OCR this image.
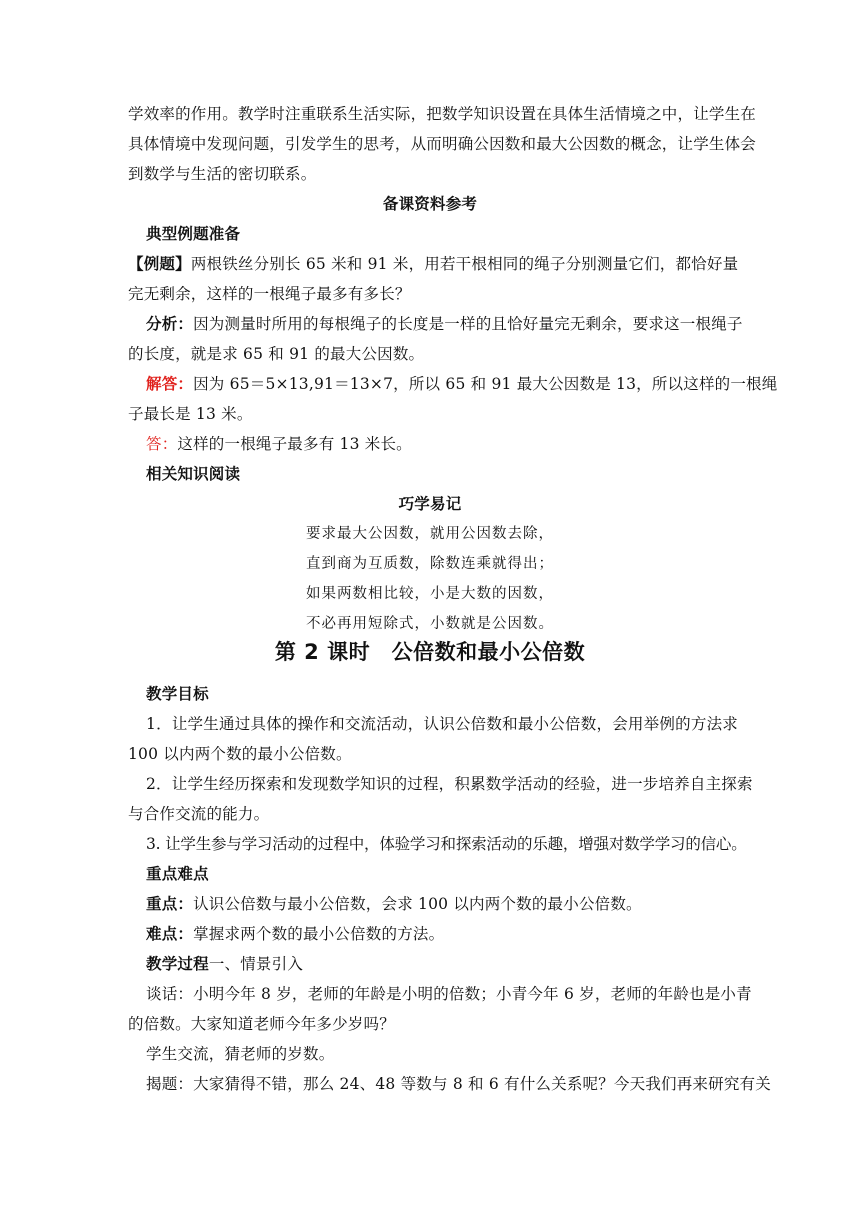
学效率的作用。教学时注重联系生活实际，把数学知识设置在具体生活情境之中，让学生在
具体情境中发现问题，引发学生的思考，从而明确公因数和最大公因数的概念，让学生体会
到数学与生活的密切联系。
备课资料参考
典型例题准备
【例题】两根铁丝分别长 65 米和 91 米，用若干根相同的绳子分别测量它们，都恰好量
完无剩余，这样的一根绳子最多有多长？
分析：因为测量时所用的每根绳子的长度是一样的且恰好量完无剩余，要求这一根绳子
的长度，就是求 65 和 91 的最大公因数。
解答：因为 65＝5×13,91＝13×7，所以 65 和 91 最大公因数是 13，所以这样的一根绳
子最长是 13 米。
答：这样的一根绳子最多有 13 米长。
相关知识阅读
巧学易记
要求最大公因数，就用公因数去除，
直到商为互质数，除数连乘就得出；
如果两数相比较，小是大数的因数，
不必再用短除式，小数就是公因数。
第 2 课时　公倍数和最小公倍数
教学目标
1．让学生通过具体的操作和交流活动，认识公倍数和最小公倍数，会用举例的方法求
100 以内两个数的最小公倍数。
2．让学生经历探索和发现数学知识的过程，积累数学活动的经验，进一步培养自主探索
与合作交流的能力。
3. 让学生参与学习活动的过程中，体验学习和探索活动的乐趣，增强对数学学习的信心。
重点难点
重点：认识公倍数与最小公倍数，会求 100 以内两个数的最小公倍数。
难点：掌握求两个数的最小公倍数的方法。
教学过程一、情景引入
谈话：小明今年 8 岁，老师的年龄是小明的倍数；小青今年 6 岁，老师的年龄也是小青
的倍数。大家知道老师今年多少岁吗？
学生交流，猜老师的岁数。
揭题：大家猜得不错，那么 24、48 等数与 8 和 6 有什么关系呢？今天我们再来研究有关
